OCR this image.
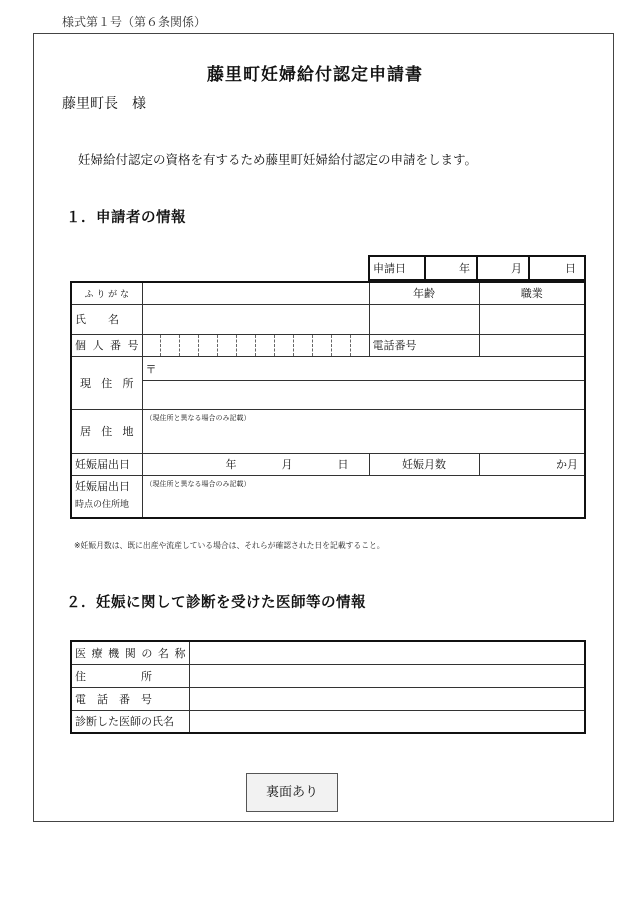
様式第１号（第６条関係）
藤里町妊婦給付認定申請書
藤里町長　様
妊婦給付認定の資格を有するため藤里町妊婦給付認定の申請をします。
１．申請者の情報
申請日	年	月	日
ふ り が な		年齢	職業
氏　　名			
個人番号		電話番号	
現 住 所	〒		

居 住 地	（現住所と異なる場合のみ記載）		
妊娠届出日	年 月 日	妊娠月数	か月

妊娠届出日
時点の住所地	（現住所と異なる場合のみ記載）		
※妊娠月数は、既に出産や流産している場合は、それらが確認された日を記載すること。
２．妊娠に関して診断を受けた医師等の情報
医療機関の名称	
住　　　　　所	
電　話　番　号	
診断した医師の氏名	
裏面あり
